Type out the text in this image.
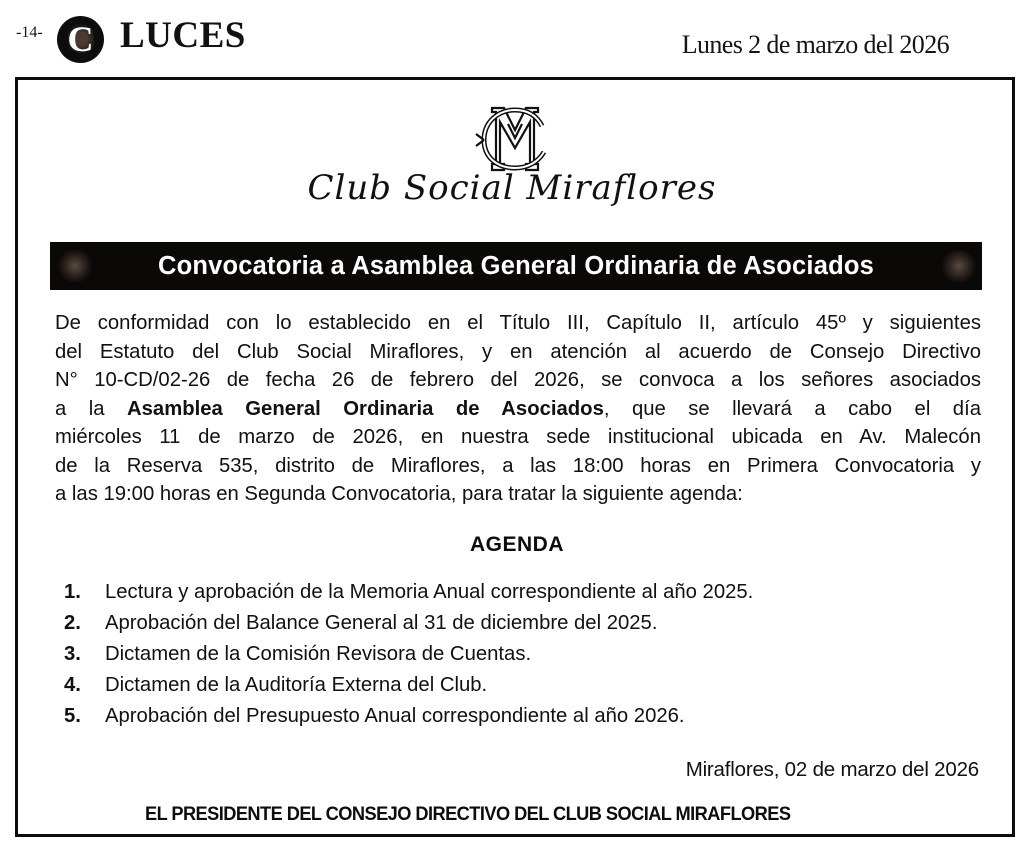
-14- C LUCES	Lunes 2 de marzo del 2026
Club Social Miraflores
Convocatoria a Asamblea General Ordinaria de Asociados
De conformidad con lo establecido en el Título III, Capítulo II, artículo 45º y siguientes
del Estatuto del Club Social Miraflores, y en atención al acuerdo de Consejo Directivo
N° 10-CD/02-26 de fecha 26 de febrero del 2026, se convoca a los señores asociados
a la Asamblea General Ordinaria de Asociados, que se llevará a cabo el día
miércoles 11 de marzo de 2026, en nuestra sede institucional ubicada en Av. Malecón
de la Reserva 535, distrito de Miraflores, a las 18:00 horas en Primera Convocatoria y
a las 19:00 horas en Segunda Convocatoria, para tratar la siguiente agenda:
AGENDA
1.	Lectura y aprobación de la Memoria Anual correspondiente al año 2025.
2.	Aprobación del Balance General al 31 de diciembre del 2025.
3.	Dictamen de la Comisión Revisora de Cuentas.
4.	Dictamen de la Auditoría Externa del Club.
5.	Aprobación del Presupuesto Anual correspondiente al año 2026.
Miraflores, 02 de marzo del 2026
EL PRESIDENTE DEL CONSEJO DIRECTIVO DEL CLUB SOCIAL MIRAFLORES
